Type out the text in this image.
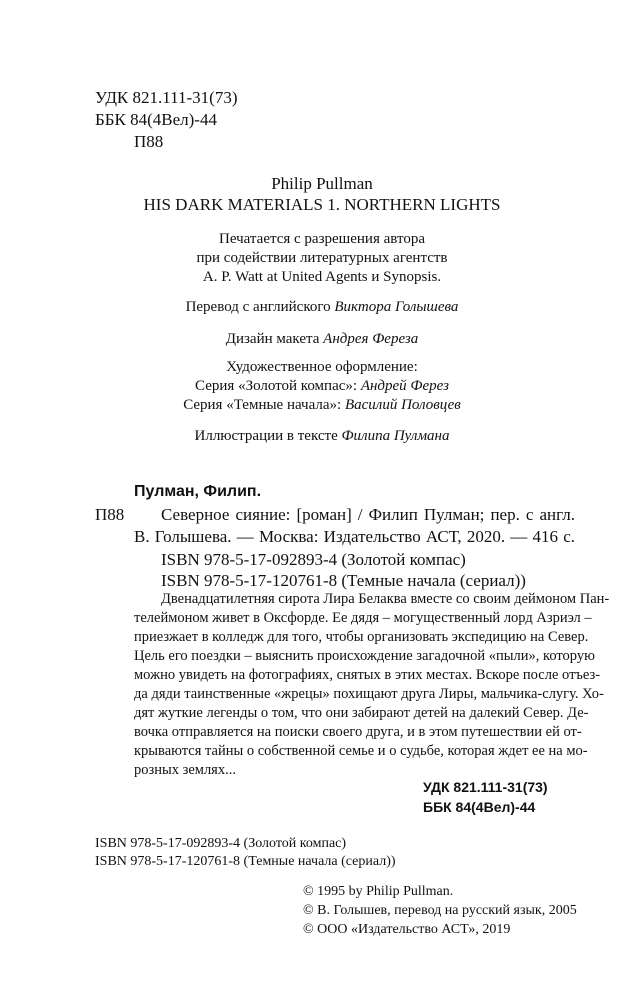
УДК 821.111-31(73)
ББК 84(4Вел)-44
П88
Philip Pullman
HIS DARK MATERIALS 1. NORTHERN LIGHTS
Печатается с разрешения автора
при содействии литературных агентств
A. P. Watt at United Agents и Synopsis.
Перевод с английского Виктора Голышева
Дизайн макета Андрея Фереза
Художественное оформление:
Серия «Золотой компас»: Андрей Ферез
Серия «Темные начала»: Василий Половцев
Иллюстрации в тексте Филипа Пулмана
Пулман, Филип.
П88 Северное сияние: [роман] / Филип Пулман; пер. с англ.
В. Голышева. — Москва: Издательство АСТ, 2020. — 416 с.
ISBN 978-5-17-092893-4 (Золотой компас)
ISBN 978-5-17-120761-8 (Темные начала (сериал))
Двенадцатилетняя сирота Лира Белаква вместе со своим деймоном Пан-
телеймоном живет в Оксфорде. Ее дядя – могущественный лорд Азриэл –
приезжает в колледж для того, чтобы организовать экспедицию на Север.
Цель его поездки – выяснить происхождение загадочной «пыли», которую
можно увидеть на фотографиях, снятых в этих местах. Вскоре после отъез-
да дяди таинственные «жрецы» похищают друга Лиры, мальчика-слугу. Хо-
дят жуткие легенды о том, что они забирают детей на далекий Север. Де-
вочка отправляется на поиски своего друга, и в этом путешествии ей от-
крываются тайны о собственной семье и о судьбе, которая ждет ее на мо-
розных землях...
УДК 821.111-31(73)
ББК 84(4Вел)-44
ISBN 978-5-17-092893-4 (Золотой компас)
ISBN 978-5-17-120761-8 (Темные начала (сериал))
© 1995 by Philip Pullman.
© В. Голышев, перевод на русский язык, 2005
© ООО «Издательство АСТ», 2019
